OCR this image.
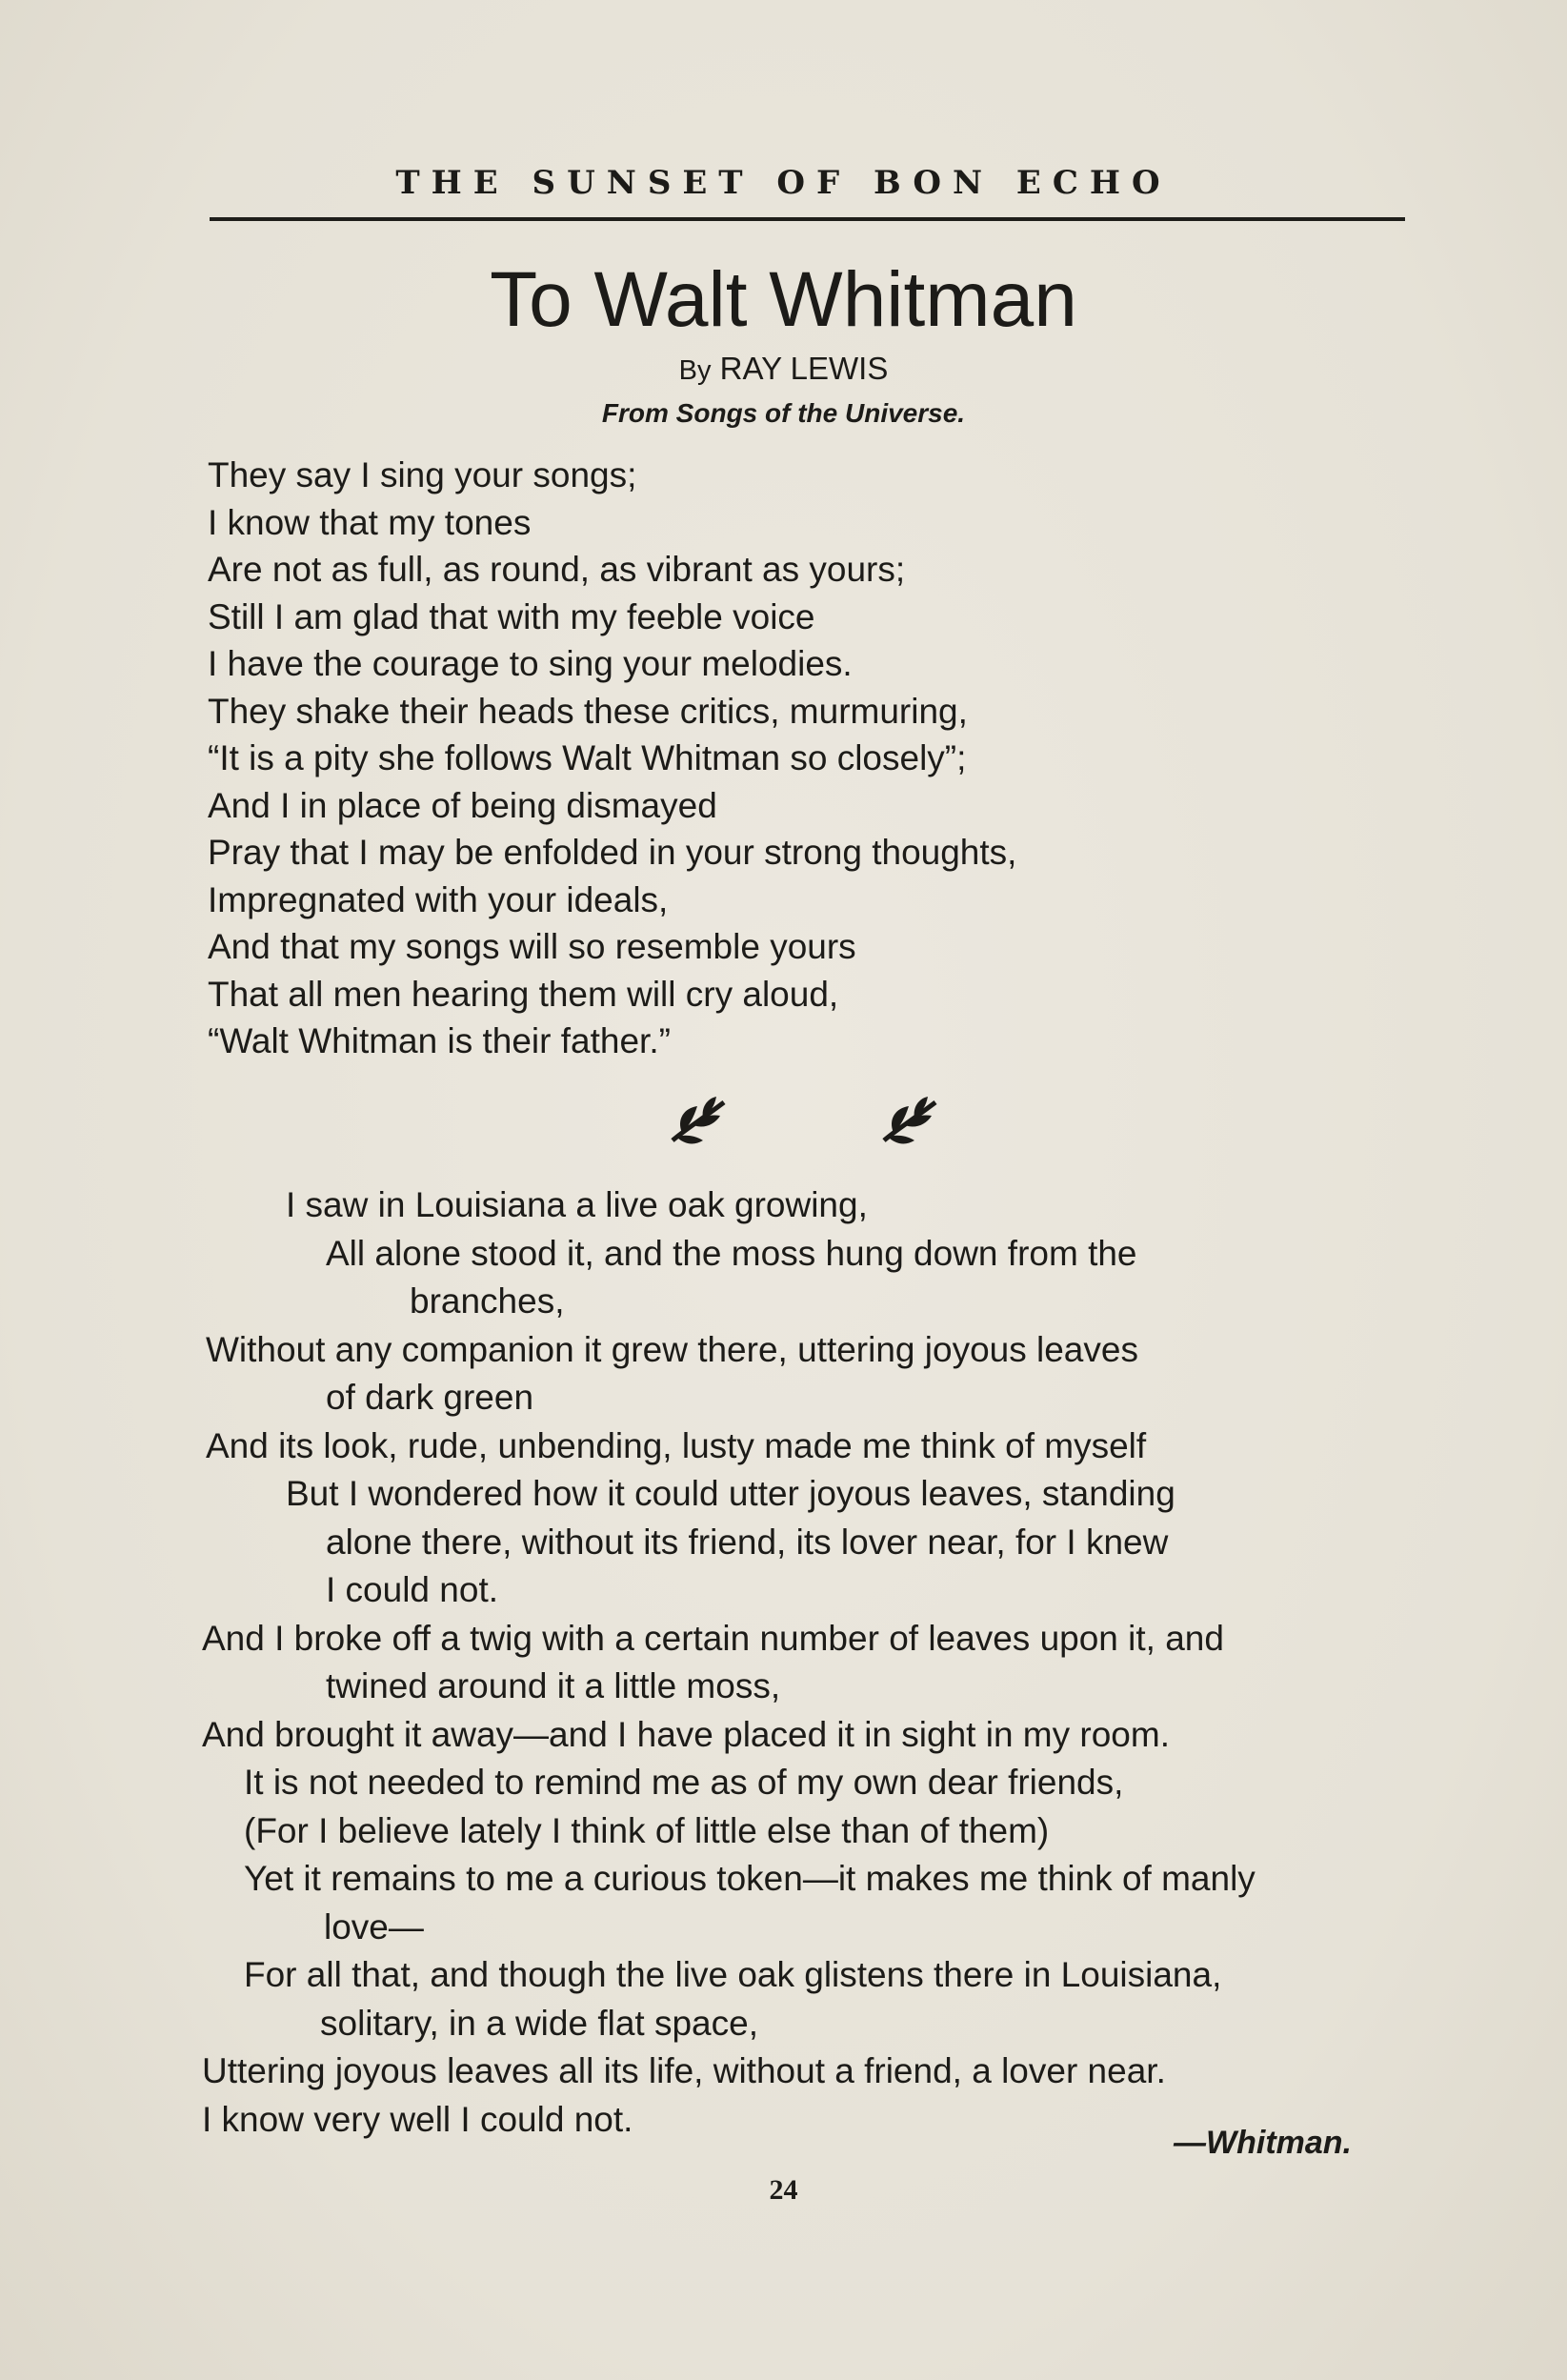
THE SUNSET OF BON ECHO
To Walt Whitman
By RAY LEWIS
From Songs of the Universe.
They say I sing your songs;
I know that my tones
Are not as full, as round, as vibrant as yours;
Still I am glad that with my feeble voice
I have the courage to sing your melodies.
They shake their heads these critics, murmuring,
“It is a pity she follows Walt Whitman so closely”;
And I in place of being dismayed
Pray that I may be enfolded in your strong thoughts,
Impregnated with your ideals,
And that my songs will so resemble yours
That all men hearing them will cry aloud,
“Walt Whitman is their father.”
I saw in Louisiana a live oak growing,
All alone stood it, and the moss hung down from the
branches,
Without any companion it grew there, uttering joyous leaves
of dark green
And its look, rude, unbending, lusty made me think of myself
But I wondered how it could utter joyous leaves, standing
alone there, without its friend, its lover near, for I knew
I could not.
And I broke off a twig with a certain number of leaves upon it, and
twined around it a little moss,
And brought it away—and I have placed it in sight in my room.
It is not needed to remind me as of my own dear friends,
(For I believe lately I think of little else than of them)
Yet it remains to me a curious token—it makes me think of manly
love—
For all that, and though the live oak glistens there in Louisiana,
solitary, in a wide flat space,
Uttering joyous leaves all its life, without a friend, a lover near.
I know very well I could not.
—Whitman.
24
